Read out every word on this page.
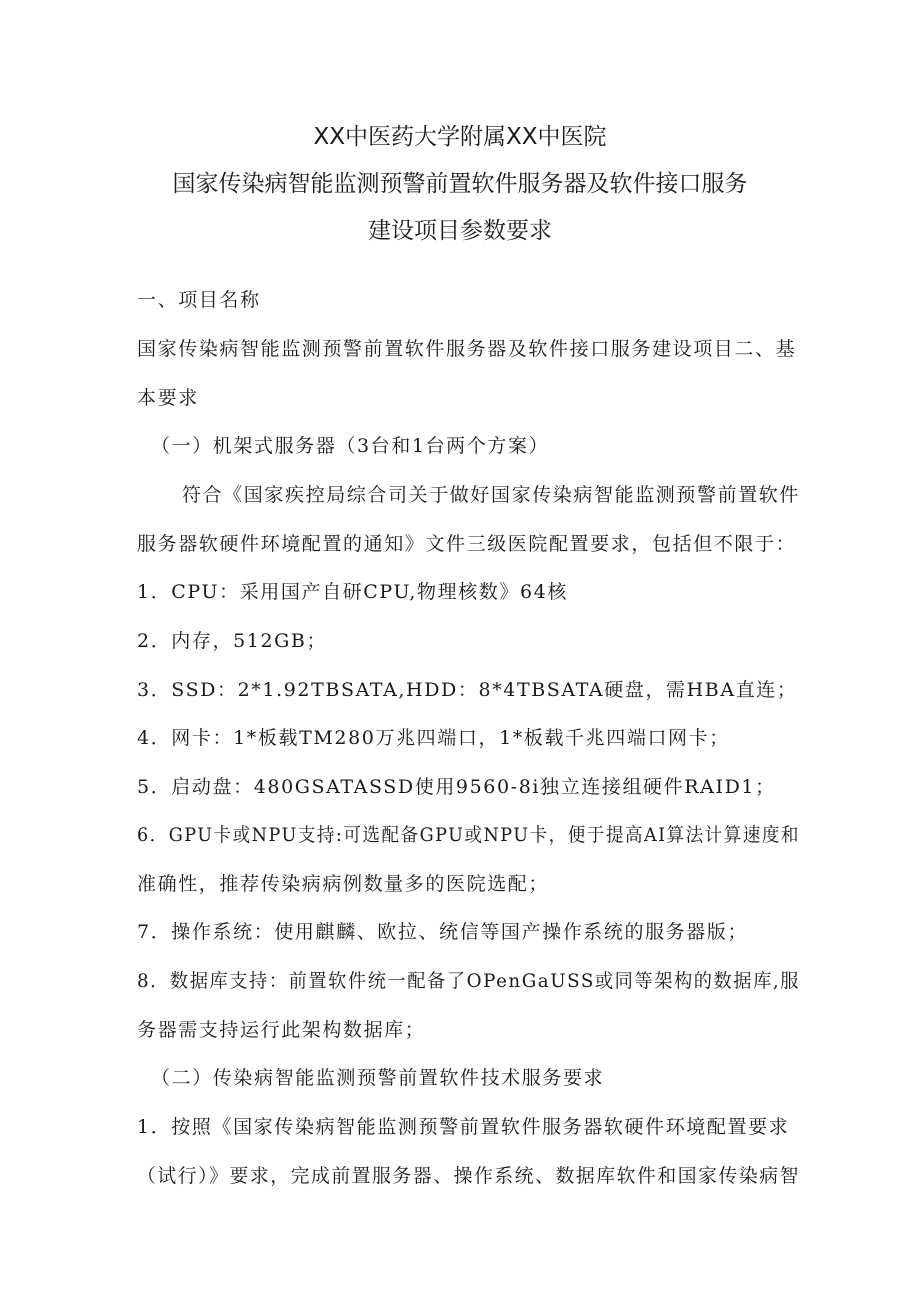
XX中医药大学附属XX中医院
国家传染病智能监测预警前置软件服务器及软件接口服务
建设项目参数要求
一、项目名称
国家传染病智能监测预警前置软件服务器及软件接口服务建设项目二、基
本要求
（一）机架式服务器（3台和1台两个方案）
符合《国家疾控局综合司关于做好国家传染病智能监测预警前置软件
服务器软硬件环境配置的通知》文件三级医院配置要求，包括但不限于：
1．CPU：采用国产自研CPU,物理核数》64核
2．内存，512GB；
3．SSD：2*1.92TBSATA,HDD：8*4TBSATA硬盘，需HBA直连；
4．网卡：1*板载TM280万兆四端口，1*板载千兆四端口网卡；
5．启动盘：480GSATASSD使用9560-8i独立连接组硬件RAID1；
6．GPU卡或NPU支持:可选配备GPU或NPU卡，便于提高AI算法计算速度和
准确性，推荐传染病病例数量多的医院选配；
7．操作系统：使用麒麟、欧拉、统信等国产操作系统的服务器版；
8．数据库支持：前置软件统一配备了OPenGaUSS或同等架构的数据库,服
务器需支持运行此架构数据库；
（二）传染病智能监测预警前置软件技术服务要求
1．按照《国家传染病智能监测预警前置软件服务器软硬件环境配置要求
（试行）》要求，完成前置服务器、操作系统、数据库软件和国家传染病智
